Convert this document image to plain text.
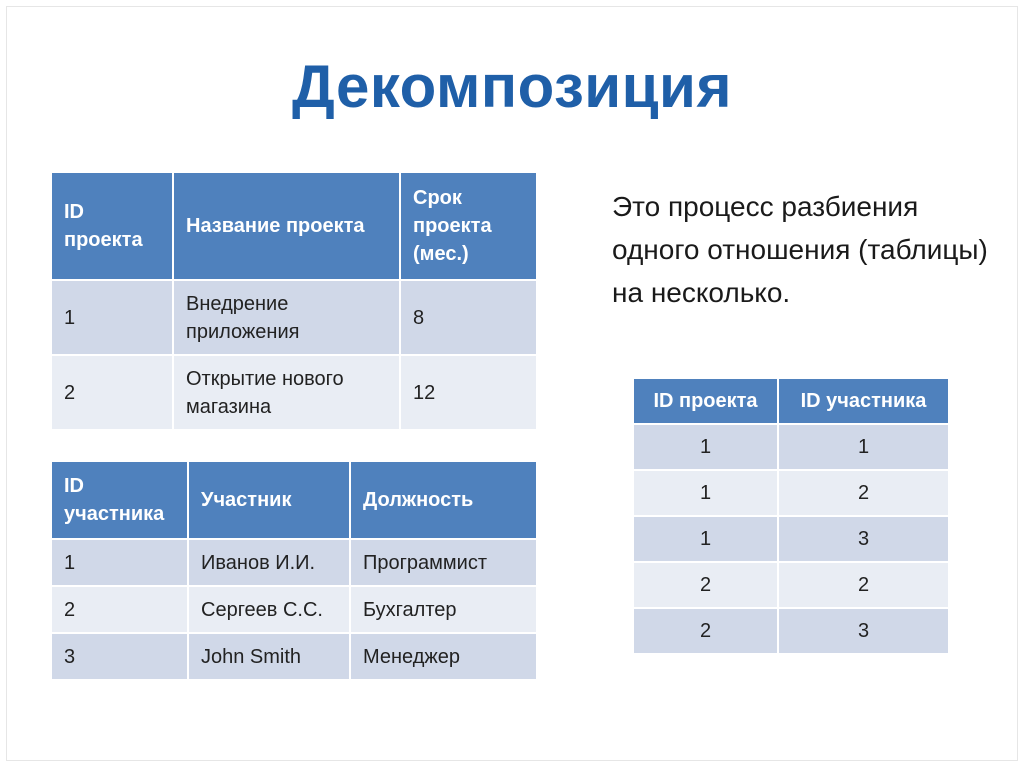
Декомпозиция
Это процесс разбиения одного отношения (таблицы) на несколько.
ID проекта	Название проекта	Срок проекта (мес.)
1	Внедрение приложения	8
2	Открытие нового магазина	12
ID участника	Участник	Должность
1	Иванов И.И.	Программист
2	Сергеев С.С.	Бухгалтер
3	John Smith	Менеджер
ID проекта	ID участника
1	1
1	2
1	3
2	2
2	3
